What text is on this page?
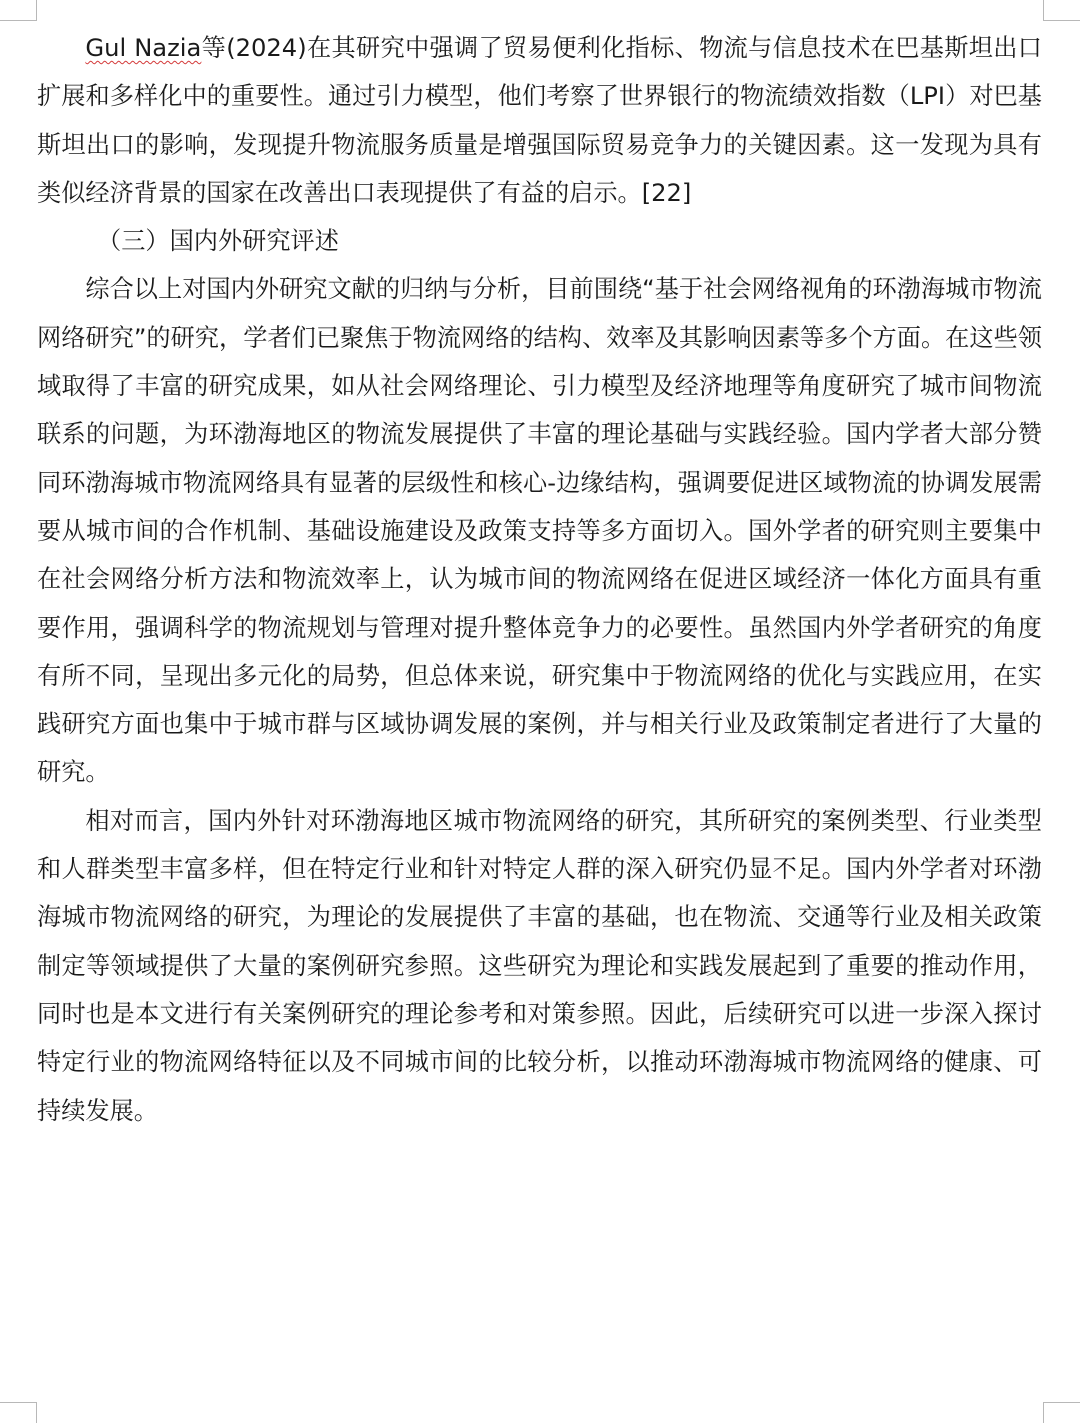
Gul Nazia等(2024)在其研究中强调了贸易便利化指标、物流与信息技术在巴基斯坦出口扩展和多样化中的重要性。通过引力模型，他们考察了世界银行的物流绩效指数（LPI）对巴基斯坦出口的影响，发现提升物流服务质量是增强国际贸易竞争力的关键因素。这一发现为具有类似经济背景的国家在改善出口表现提供了有益的启示。[22]

（三）国内外研究评述

综合以上对国内外研究文献的归纳与分析，目前围绕“基于社会网络视角的环渤海城市物流网络研究”的研究，学者们已聚焦于物流网络的结构、效率及其影响因素等多个方面。在这些领域取得了丰富的研究成果，如从社会网络理论、引力模型及经济地理等角度研究了城市间物流联系的问题，为环渤海地区的物流发展提供了丰富的理论基础与实践经验。国内学者大部分赞同环渤海城市物流网络具有显著的层级性和核心-边缘结构，强调要促进区域物流的协调发展需要从城市间的合作机制、基础设施建设及政策支持等多方面切入。国外学者的研究则主要集中在社会网络分析方法和物流效率上，认为城市间的物流网络在促进区域经济一体化方面具有重要作用，强调科学的物流规划与管理对提升整体竞争力的必要性。虽然国内外学者研究的角度有所不同，呈现出多元化的局势，但总体来说，研究集中于物流网络的优化与实践应用，在实践研究方面也集中于城市群与区域协调发展的案例，并与相关行业及政策制定者进行了大量的研究。

相对而言，国内外针对环渤海地区城市物流网络的研究，其所研究的案例类型、行业类型和人群类型丰富多样，但在特定行业和针对特定人群的深入研究仍显不足。国内外学者对环渤海城市物流网络的研究，为理论的发展提供了丰富的基础，也在物流、交通等行业及相关政策制定等领域提供了大量的案例研究参照。这些研究为理论和实践发展起到了重要的推动作用，同时也是本文进行有关案例研究的理论参考和对策参照。因此，后续研究可以进一步深入探讨特定行业的物流网络特征以及不同城市间的比较分析，以推动环渤海城市物流网络的健康、可持续发展。
